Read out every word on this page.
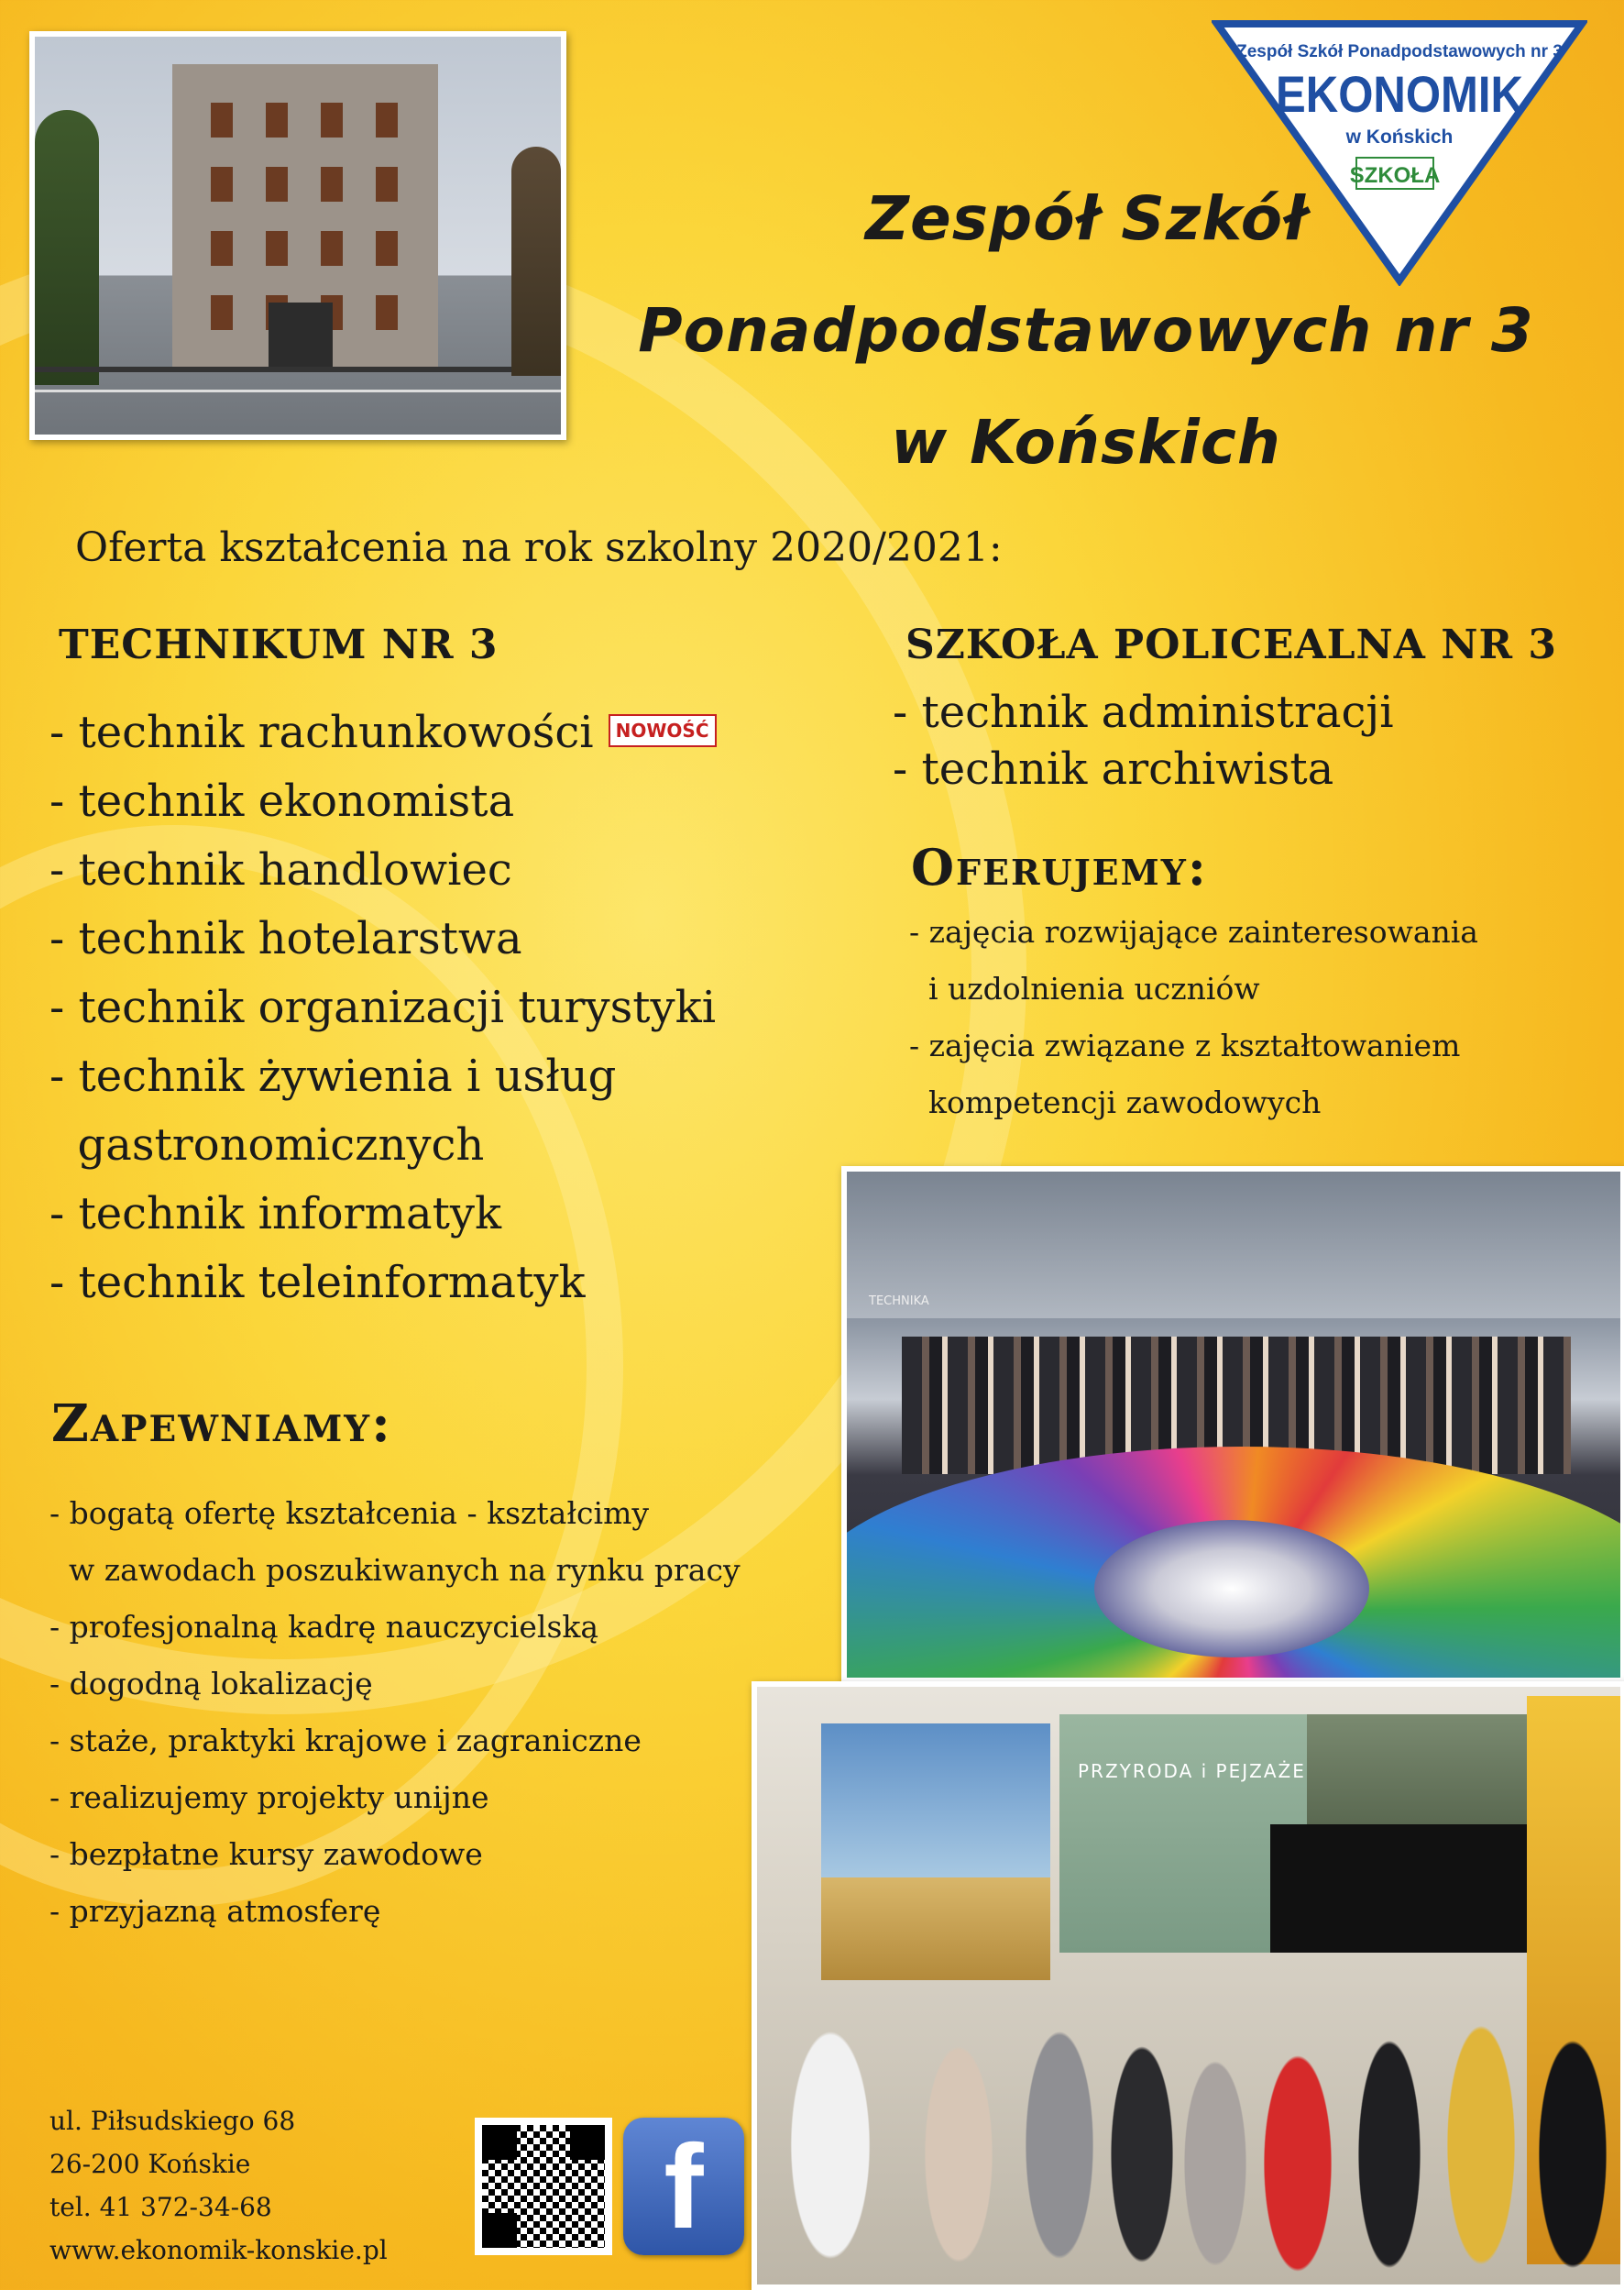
Zespół Szkół Ponadpodstawowych nr 3
EKONOMIK
w Końskich
SZKOŁA
Zespół Szkół
Ponadpodstawowych nr 3
w Końskich
Oferta kształcenia na rok szkolny 2020/2021:
TECHNIKUM NR 3
- technik rachunkowości NOWOŚĆ
- technik ekonomista
- technik handlowiec
- technik hotelarstwa
- technik organizacji turystyki
- technik żywienia i usług
gastronomicznych
- technik informatyk
- technik teleinformatyk
SZKOŁA POLICEALNA NR 3
- technik administracji
- technik archiwista
Oferujemy:
- zajęcia rozwijające zainteresowania
i uzdolnienia uczniów
- zajęcia związane z kształtowaniem
kompetencji zawodowych
Zapewniamy:
- bogatą ofertę kształcenia - kształcimy
w zawodach poszukiwanych na rynku pracy
- profesjonalną kadrę nauczycielską
- dogodną lokalizację
- staże, praktyki krajowe i zagraniczne
- realizujemy projekty unijne
- bezpłatne kursy zawodowe
- przyjazną atmosferę
TECHNIKA
PRZYRODA i PEJZAŻE
ul. Piłsudskiego 68
26-200 Końskie
tel. 41 372-34-68
www.ekonomik-konskie.pl	f
